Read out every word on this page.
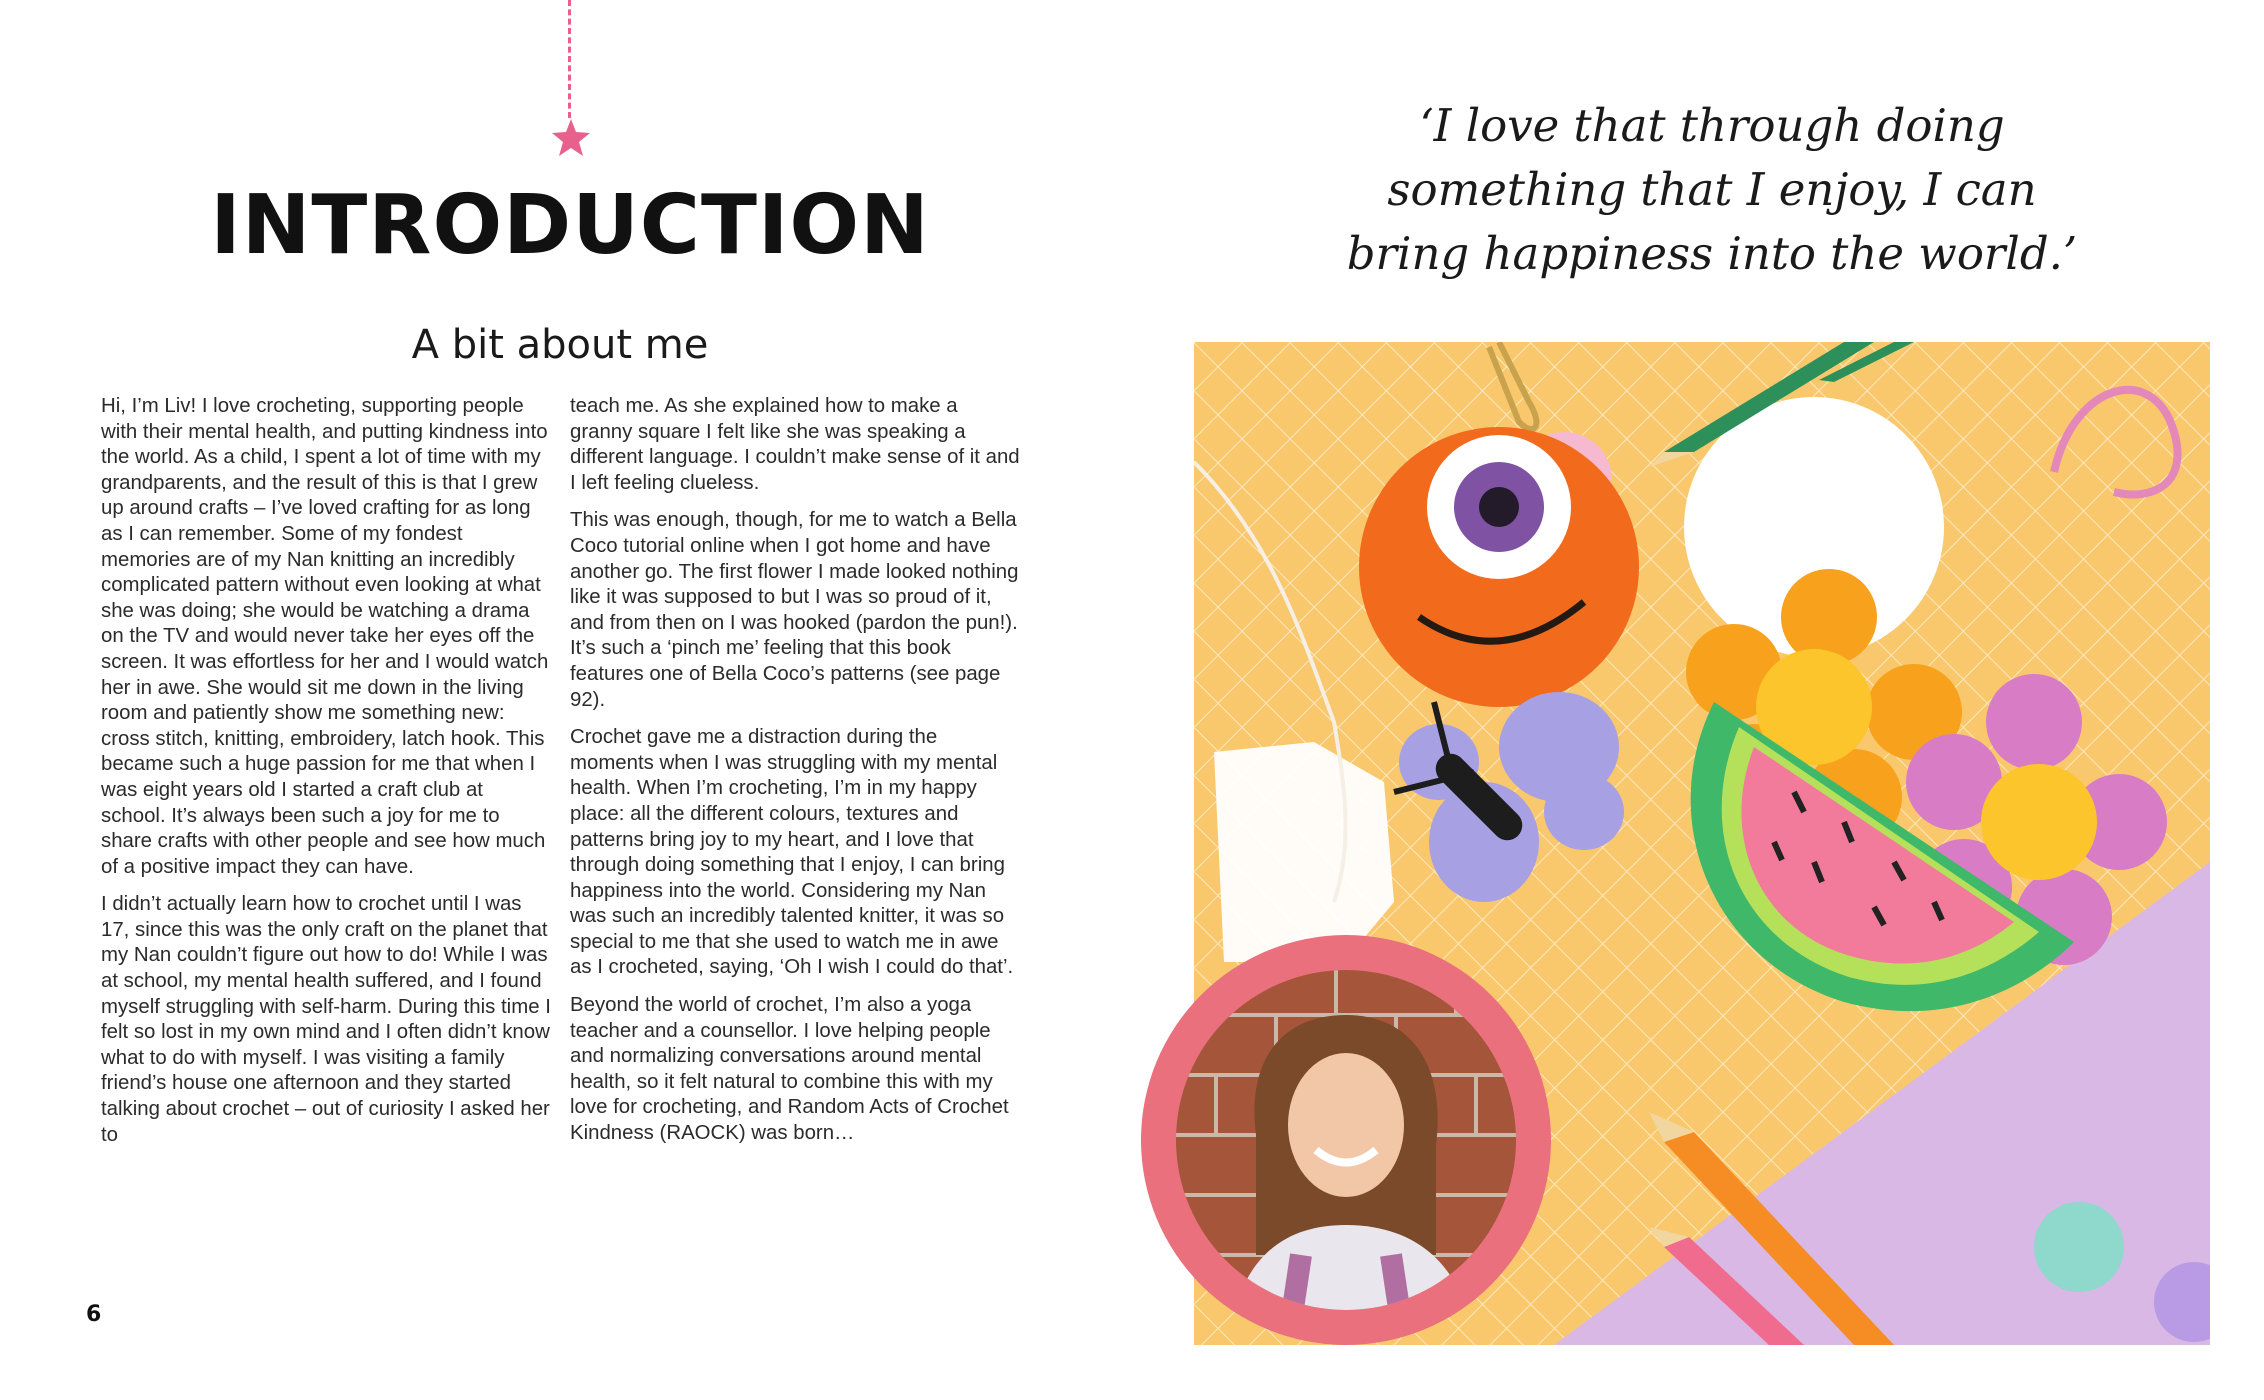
INTRODUCTION
A bit about me

Hi, I’m Liv! I love crocheting, supporting people with their mental health, and putting kindness into the world. As a child, I spent a lot of time with my grandparents, and the result of this is that I grew up around crafts – I’ve loved crafting for as long as I can remember. Some of my fondest memories are of my Nan knitting an incredibly complicated pattern without even looking at what she was doing; she would be watching a drama on the TV and would never take her eyes off the screen. It was effortless for her and I would watch her in awe. She would sit me down in the living room and patiently show me something new: cross stitch, knitting, embroidery, latch hook. This became such a huge passion for me that when I was eight years old I started a craft club at school. It’s always been such a joy for me to share crafts with other people and see how much of a positive impact they can have.

I didn’t actually learn how to crochet until I was 17, since this was the only craft on the planet that my Nan couldn’t figure out how to do! While I was at school, my mental health suffered, and I found myself struggling with self-harm. During this time I felt so lost in my own mind and I often didn’t know what to do with myself. I was visiting a family friend’s house one afternoon and they started talking about crochet – out of curiosity I asked her to

teach me. As she explained how to make a granny square I felt like she was speaking a different language. I couldn’t make sense of it and I left feeling clueless.

This was enough, though, for me to watch a Bella Coco tutorial online when I got home and have another go. The first flower I made looked nothing like it was supposed to but I was so proud of it, and from then on I was hooked (pardon the pun!). It’s such a ‘pinch me’ feeling that this book features one of Bella Coco’s patterns (see page 92).

Crochet gave me a distraction during the moments when I was struggling with my mental health. When I’m crocheting, I’m in my happy place: all the different colours, textures and patterns bring joy to my heart, and I love that through doing something that I enjoy, I can bring happiness into the world. Considering my Nan was such an incredibly talented knitter, it was so special to me that she used to watch me in awe as I crocheted, saying, ‘Oh I wish I could do that’.

Beyond the world of crochet, I’m also a yoga teacher and a counsellor. I love helping people and normalizing conversations around mental health, so it felt natural to combine this with my love for crocheting, and Random Acts of Crochet Kindness (RAOCK) was born…

6
‘I love that through doing something that I enjoy, I can bring happiness into the world.’
